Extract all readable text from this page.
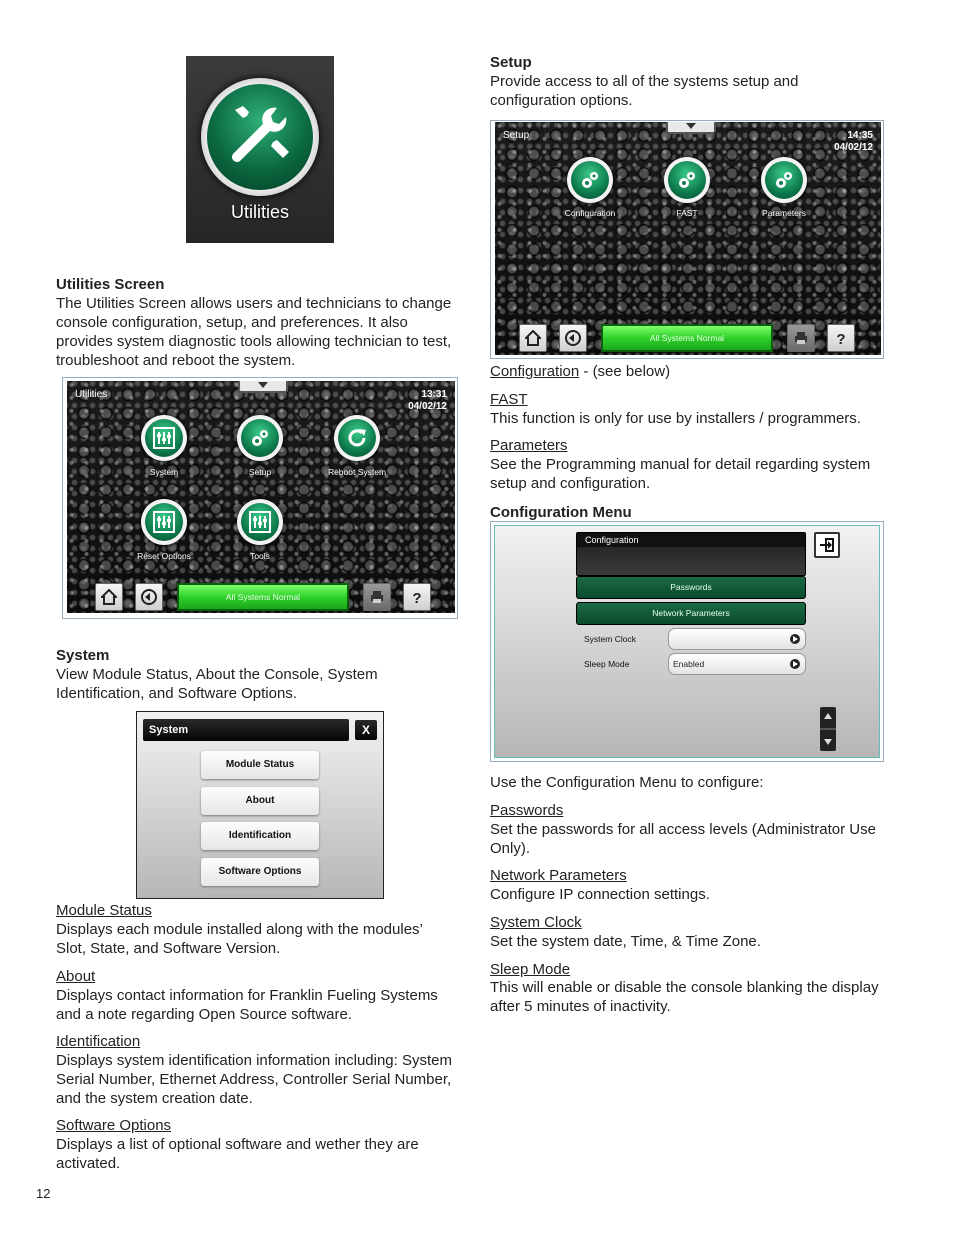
Utilities
Utilities Screen
The Utilities Screen allows users and technicians to change console configuration, setup, and preferences. It also provides system diagnostic tools allowing technician to test, troubleshoot and reboot the system.
Utilities	13:31
04/02/12
System	Setup	Reboot System
Reset Options	Tools
All Systems Normal	?
System
View Module Status, About the Console, System Identification, and Software Options.
System	X
Module Status
About
Identification
Software Options
Module Status
Displays each module installed along with the modules’ Slot, State, and Software Version.
About
Displays contact information for Franklin Fueling Systems and a note regarding Open Source software.
Identification
Displays system identification information including: System Serial Number, Ethernet Address, Controller Serial Number, and the system creation date.
Software Options
Displays a list of optional software and wether they are activated.
12
Setup
Provide access to all of the systems setup and configuration options.
Setup	14:35
04/02/12
Configuration	FAST	Parameters
All Systems Normal	?
Configuration - (see below)
FAST
This function is only for use by installers / programmers.
Parameters
See the Programming manual for detail regarding system setup and configuration.
Configuration Menu
Configuration
Passwords
Network Parameters
System Clock
Sleep Mode	Enabled
Use the Configuration Menu to configure:
Passwords
Set the passwords for all access levels (Administrator Use Only).
Network Parameters
Configure IP connection settings.
System Clock
Set the system date, Time, & Time Zone.
Sleep Mode
This will enable or disable the console blanking the display after 5 minutes of inactivity.
